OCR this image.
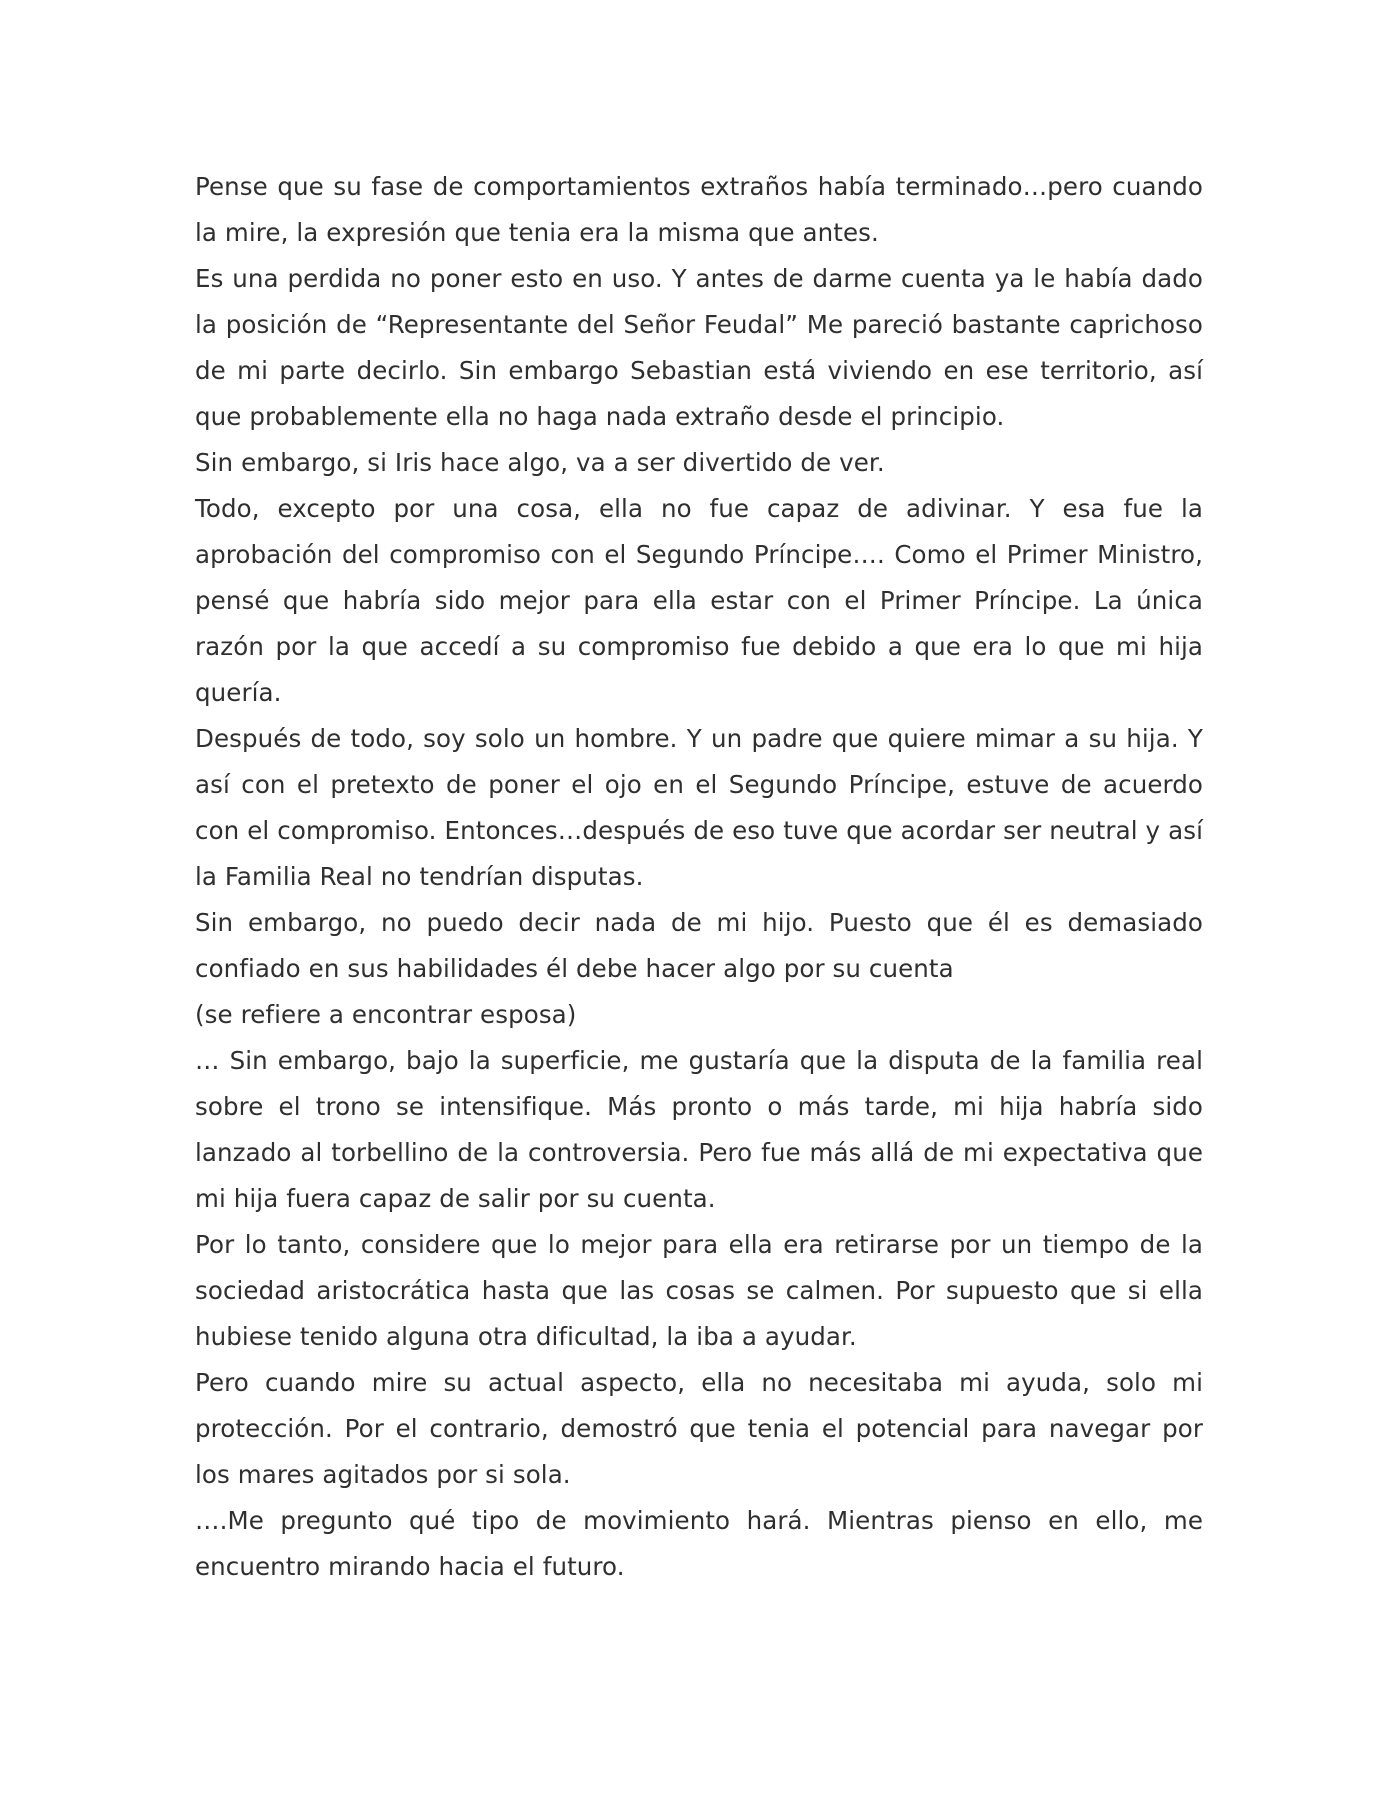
Pense que su fase de comportamientos extraños había terminado…pero cuando la mire, la expresión que tenia era la misma que antes.

Es una perdida no poner esto en uso. Y antes de darme cuenta ya le había dado la posición de “Representante del Señor Feudal” Me pareció bastante caprichoso de mi parte decirlo. Sin embargo Sebastian está viviendo en ese territorio, así que probablemente ella no haga nada extraño desde el principio.

Sin embargo, si Iris hace algo, va a ser divertido de ver.

Todo, excepto por una cosa, ella no fue capaz de adivinar. Y esa fue la aprobación del compromiso con el Segundo Príncipe…. Como el Primer Ministro, pensé que habría sido mejor para ella estar con el Primer Príncipe. La única razón por la que accedí a su compromiso fue debido a que era lo que mi hija quería.

Después de todo, soy solo un hombre. Y un padre que quiere mimar a su hija. Y así con el pretexto de poner el ojo en el Segundo Príncipe, estuve de acuerdo con el compromiso. Entonces…después de eso tuve que acordar ser neutral y así la Familia Real no tendrían disputas.

Sin embargo, no puedo decir nada de mi hijo. Puesto que él es demasiado confiado en sus habilidades él debe hacer algo por su cuenta

(se refiere a encontrar esposa)

… Sin embargo, bajo la superficie, me gustaría que la disputa de la familia real sobre el trono se intensifique. Más pronto o más tarde, mi hija habría sido lanzado al torbellino de la controversia. Pero fue más allá de mi expectativa que mi hija fuera capaz de salir por su cuenta.

Por lo tanto, considere que lo mejor para ella era retirarse por un tiempo de la sociedad aristocrática hasta que las cosas se calmen. Por supuesto que si ella hubiese tenido alguna otra dificultad, la iba a ayudar.

Pero cuando mire su actual aspecto, ella no necesitaba mi ayuda, solo mi protección. Por el contrario, demostró que tenia el potencial para navegar por los mares agitados por si sola.

….Me pregunto qué tipo de movimiento hará. Mientras pienso en ello, me encuentro mirando hacia el futuro.
